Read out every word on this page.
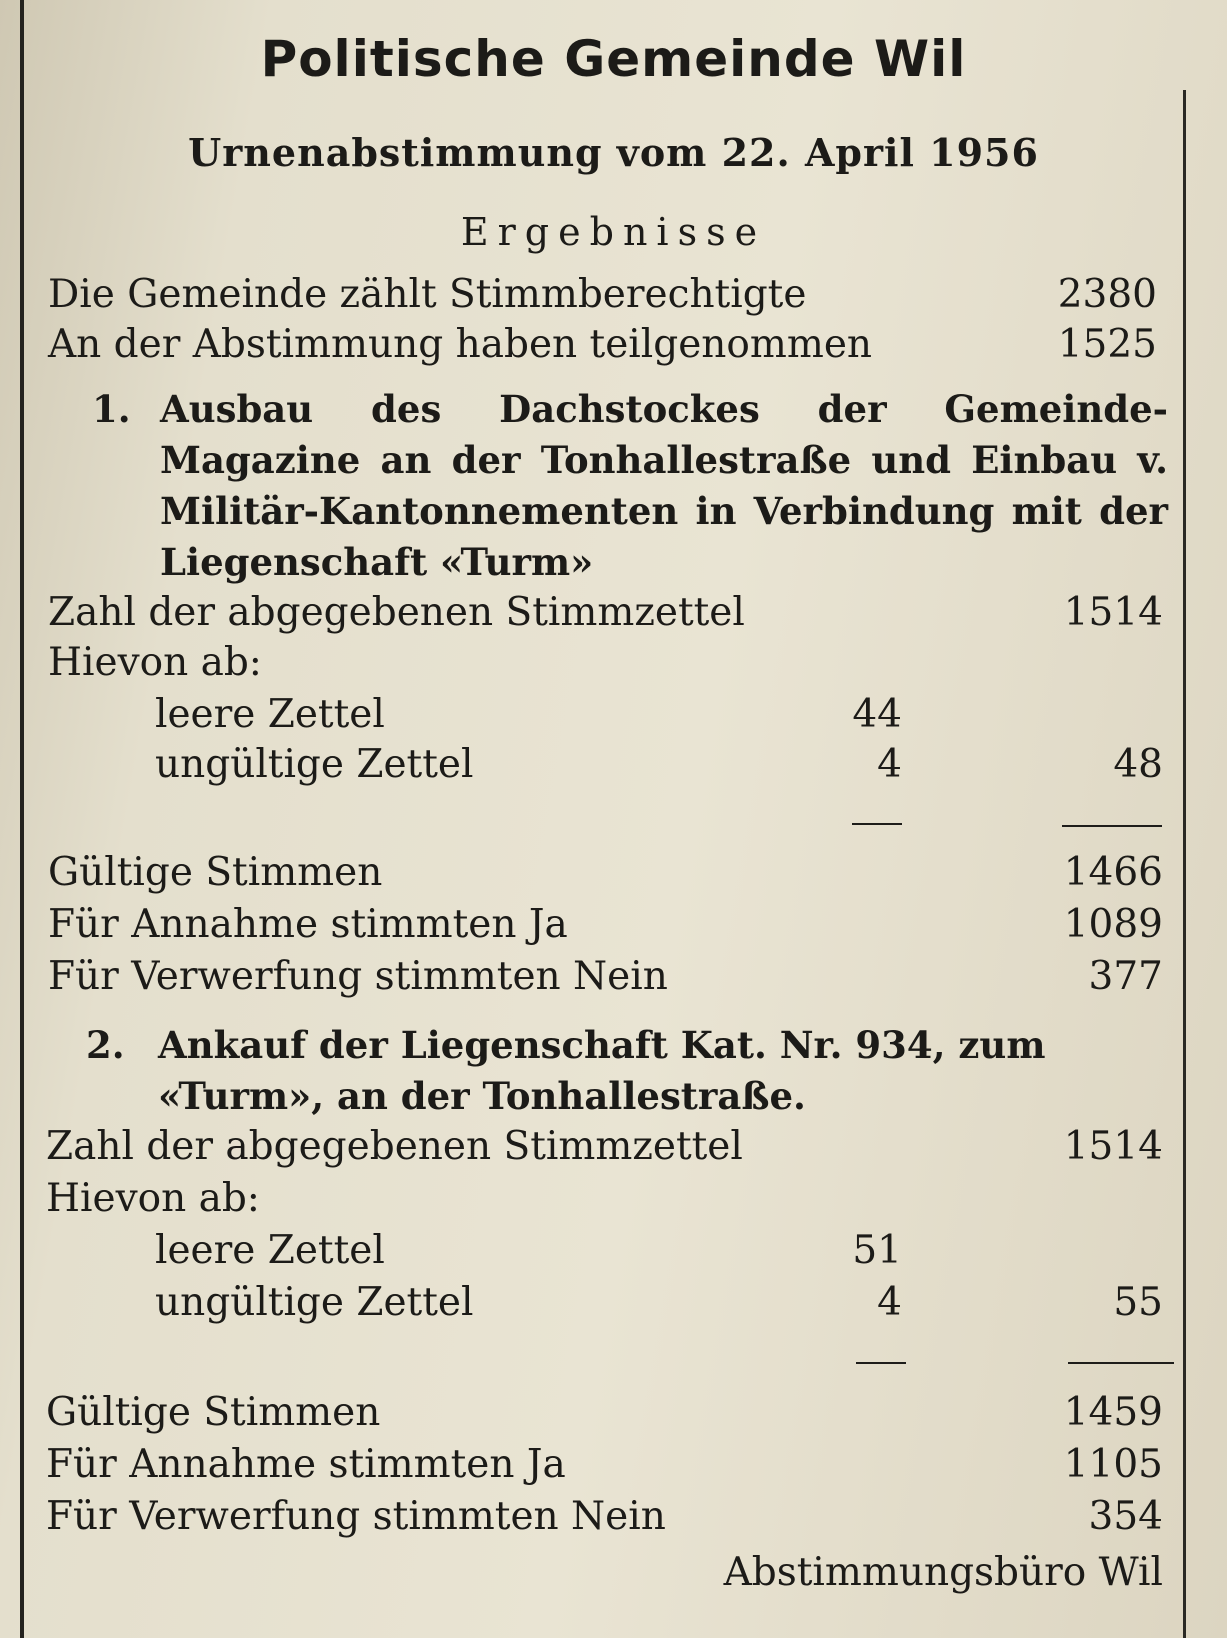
Politische Gemeinde Wil
Urnenabstimmung vom 22. April 1956
Ergebnisse
Die Gemeinde zählt Stimmberechtigte	2380
An der Abstimmung haben teilgenommen	1525
1. Ausbau des Dachstockes der Gemeinde-Magazine an der Tonhallestraße und Einbau v. Militär-Kantonnementen in Verbindung mit der Liegenschaft «Turm»
Zahl der abgegebenen Stimmzettel	1514
Hievon ab:
leere Zettel	44
ungültige Zettel	4	48
Gültige Stimmen	1466
Für Annahme stimmten Ja	1089
Für Verwerfung stimmten Nein	377
2. Ankauf der Liegenschaft Kat. Nr. 934, zum «Turm», an der Tonhallestraße.
Zahl der abgegebenen Stimmzettel	1514
Hievon ab:
leere Zettel	51
ungültige Zettel	4	55
Gültige Stimmen	1459
Für Annahme stimmten Ja	1105
Für Verwerfung stimmten Nein	354
Abstimmungsbüro Wil
